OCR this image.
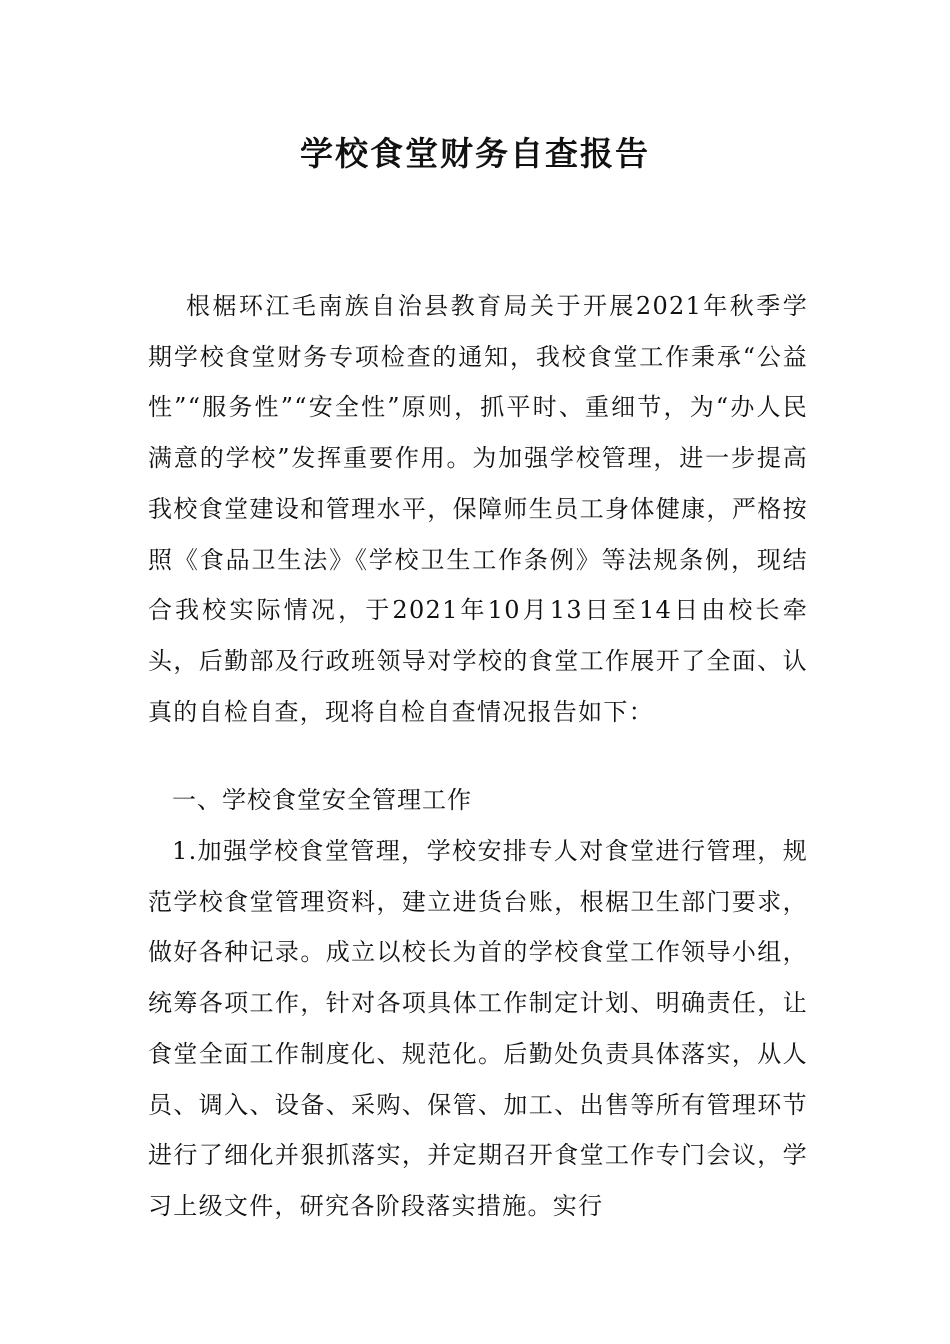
学校食堂财务自查报告

根椐环江毛南族自治县教育局关于开展2021年秋季学期学校食堂财务专项检查的通知，我校食堂工作秉承“公益性”“服务性”“安全性”原则，抓平时、重细节，为“办人民满意的学校”发挥重要作用。为加强学校管理，进一步提高我校食堂建设和管理水平，保障师生员工身体健康，严格按照《食品卫生法》《学校卫生工作条例》等法规条例，现结合我校实际情况，于2021年10月13日至14日由校长牵头，后勤部及行政班领导对学校的食堂工作展开了全面、认真的自检自查，现将自检自查情况报告如下：

一、学校食堂安全管理工作

1.加强学校食堂管理，学校安排专人对食堂进行管理，规范学校食堂管理资料，建立进货台账，根椐卫生部门要求，做好各种记录。成立以校长为首的学校食堂工作领导小组，统筹各项工作，针对各项具体工作制定计划、明确责任，让食堂全面工作制度化、规范化。后勤处负责具体落实，从人员、调入、设备、采购、保管、加工、出售等所有管理环节进行了细化并狠抓落实，并定期召开食堂工作专门会议，学习上级文件，研究各阶段落实措施。实行
